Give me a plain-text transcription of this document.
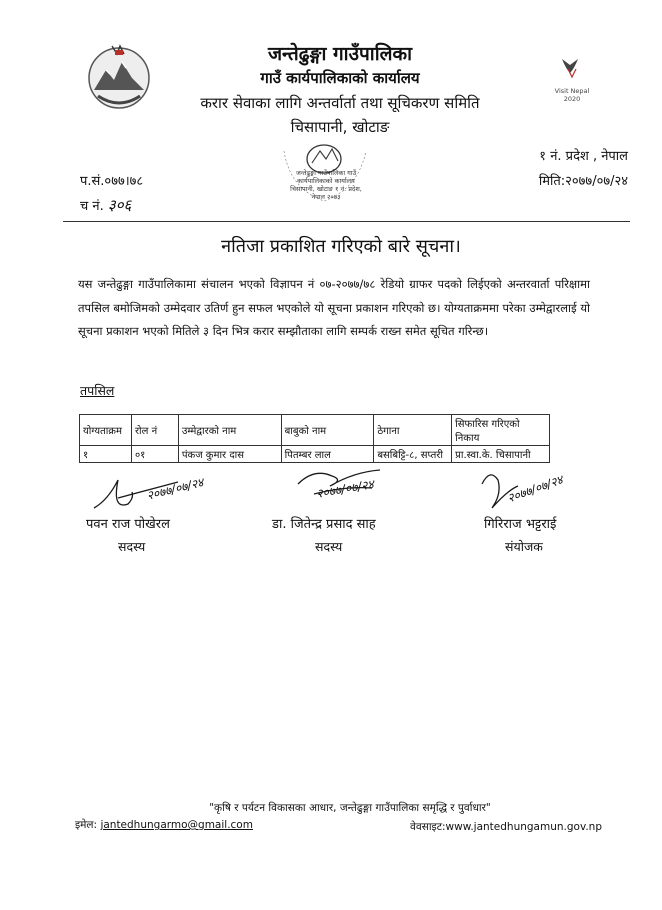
Visit Nepal 2020
जन्तेढुङ्गा गाउँपालिका
गाउँ कार्यपालिकाको कार्यालय
करार सेवाका लागि अन्तर्वार्ता तथा सूचिकरण समिति
चिसापानी, खोटाङ
प.सं.०७७।७८
च नं. ३०६
१ नं. प्रदेश , नेपाल
मिति:२०७७/०७/२४
जन्तेढुङ्गा गाउँपालिका गाउँ कार्यपालिकाको कार्यालय चिसापानी, खोटाङ १ नं. प्रदेश, नेपाल २०७३
नतिजा प्रकाशित गरिएको बारे सूचना।
यस जन्तेढुङ्गा गाउँपालिकामा संचालन भएको विज्ञापन नं ०७-२०७७/७८ रेडियो ग्राफर पदको लिईएको अन्तरवार्ता परिक्षामा तपसिल बमोजिमको उम्मेदवार उतिर्ण हुन सफल भएकोले यो सूचना प्रकाशन गरिएको छ। योग्यताक्रममा परेका उम्मेद्वारलाई यो सूचना प्रकाशन भएको मितिले ३ दिन भित्र करार सम्झौताका लागि सम्पर्क राख्न समेत सूचित गरिन्छ।
तपसिल
योग्यताक्रम	रोल नं	उम्मेद्वारको नाम	बाबुको नाम	ठेगाना	सिफारिस गरिएको निकाय
१	०१	पंकज कुमार दास	पितम्बर लाल	बसबिट्टि-८, सप्तरी	प्रा.स्वा.के. चिसापानी
२०७७/०७/२४
पवन राज पोखेरल
सदस्य
२०७७/०७/२४
डा. जितेन्द्र प्रसाद साह
सदस्य
२०७७/०७/२४
गिरिराज भट्टराई
संयोजक
"कृषि र पर्यटन विकासका आधार, जन्तेढुङ्गा गाउँपालिका समृद्धि र पुर्वाधार"
इमेल: jantedhungarmo@gmail.com	वेवसाइट:www.jantedhungamun.gov.np
